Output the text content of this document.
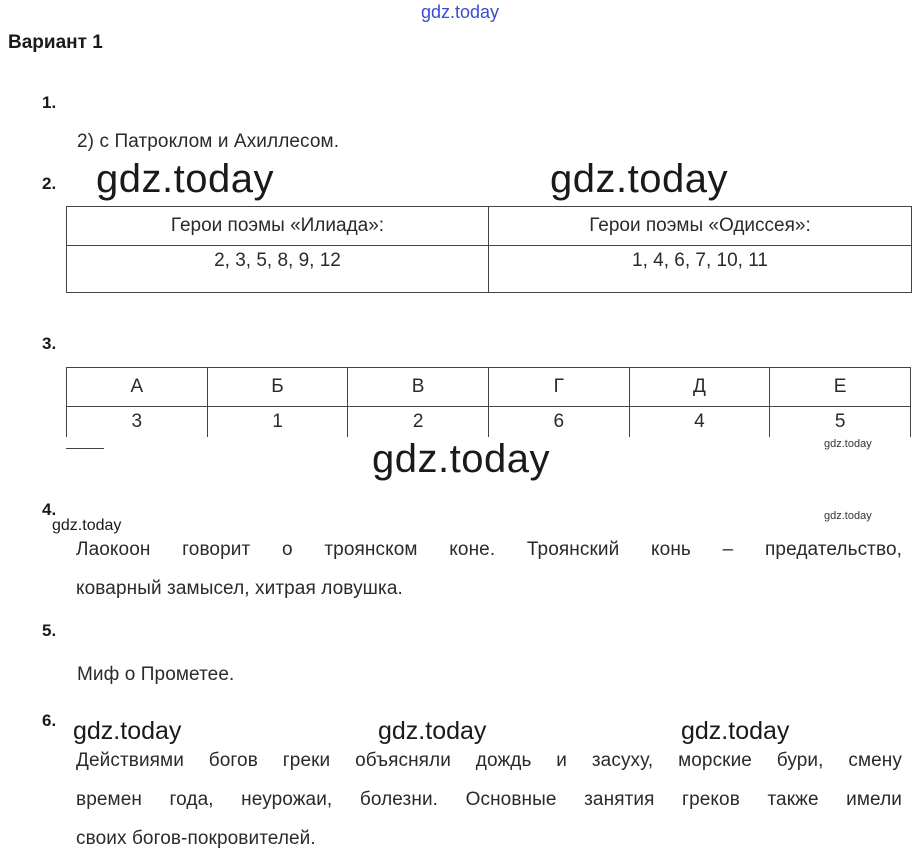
gdz.today
gdz.today	gdz.today
gdz.today	gdz.today
gdz.today
gdz.today
gdz.today	gdz.today	gdz.today
Вариант 1
1.
2) с Патроклом и Ахиллесом.
2.
Герои поэмы «Илиада»:	Герои поэмы «Одиссея»:
2, 3, 5, 8, 9, 12	1, 4, 6, 7, 10, 11
3.
А	Б	В	Г	Д	Е
3	1	2	6	4	5
4.
Лаокоон говорит о троянском коне. Троянский конь – предательство,
коварный замысел, хитрая ловушка.
5.
Миф о Прометее.
6.
Действиями богов греки объясняли дождь и засуху, морские бури, смену
времен года, неурожаи, болезни. Основные занятия греков также имели
своих богов-покровителей.
